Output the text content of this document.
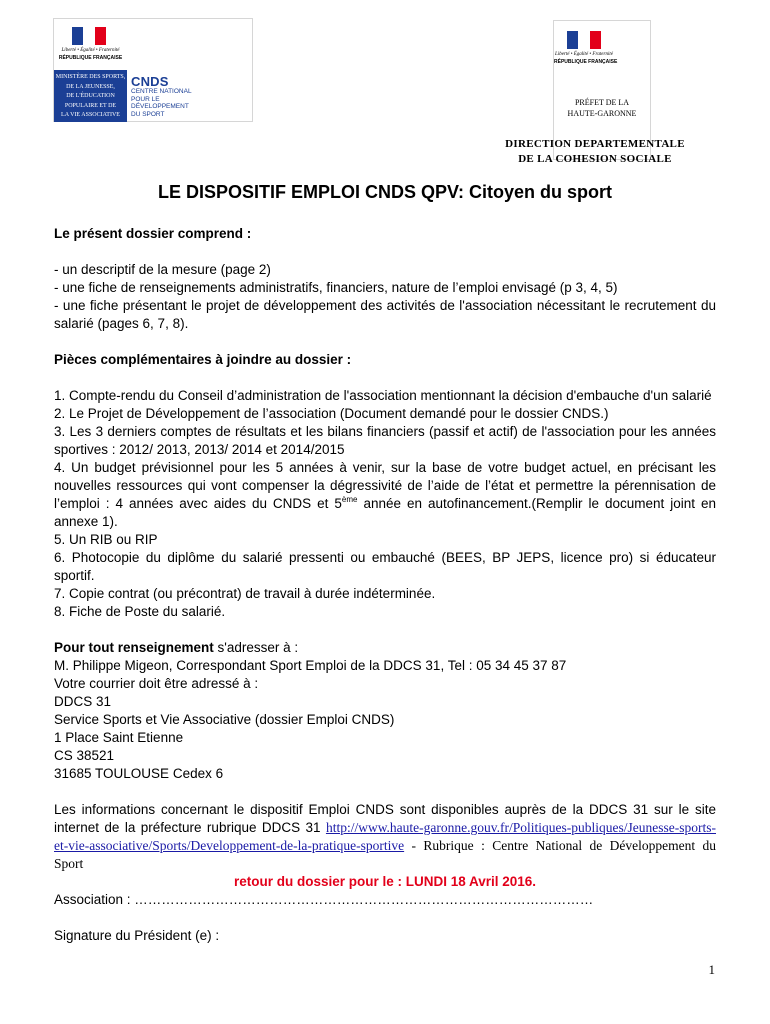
Liberté • Égalité • Fraternité
RÉPUBLIQUE FRANÇAISE
MINISTÈRE DES SPORTS,
DE LA JEUNESSE,
DE L'ÉDUCATION
POPULAIRE ET DE
LA VIE ASSOCIATIVE
CNDS
CENTRE NATIONAL
POUR LE
DÉVELOPPEMENT
DU SPORT
Liberté • Égalité • Fraternité
RÉPUBLIQUE FRANÇAISE
PRÉFET DE LA
HAUTE-GARONNE
DIRECTION DEPARTEMENTALE
DE LA COHESION SOCIALE
LE DISPOSITIF EMPLOI CNDS QPV: Citoyen du sport

Le présent dossier comprend :

- un descriptif de la mesure (page 2)

- une fiche de renseignements administratifs, financiers, nature de l’emploi envisagé (p 3, 4, 5)

- une fiche présentant le projet de développement des activités de l'association nécessitant le recrutement du salarié (pages 6, 7, 8).

Pièces complémentaires à joindre au dossier :

1. Compte-rendu du Conseil d’administration de l'association mentionnant la décision d'embauche d'un salarié

2. Le Projet de Développement de l’association (Document demandé pour le dossier CNDS.)

3. Les 3 derniers comptes de résultats et les bilans financiers (passif et actif) de l'association pour les années sportives : 2012/ 2013, 2013/ 2014 et 2014/2015

4. Un budget prévisionnel pour les 5 années à venir, sur la base de votre budget actuel, en précisant les nouvelles ressources qui vont compenser la dégressivité de l’aide de l’état et permettre la pérennisation de l’emploi : 4 années avec aides du CNDS et 5ème année en autofinancement.(Remplir le document joint en annexe 1).

5. Un RIB ou RIP

6. Photocopie du diplôme du salarié pressenti ou embauché (BEES, BP JEPS, licence pro) si éducateur sportif.

7. Copie contrat (ou précontrat) de travail à durée indéterminée.

8. Fiche de Poste du salarié.

Pour tout renseignement s'adresser à :

M. Philippe Migeon, Correspondant Sport Emploi de la DDCS 31, Tel : 05 34 45 37 87

Votre courrier doit être adressé à :

DDCS 31

Service Sports et Vie Associative (dossier Emploi CNDS)

1 Place Saint Etienne

CS 38521

31685 TOULOUSE Cedex 6

Les informations concernant le dispositif Emploi CNDS sont disponibles auprès de la DDCS 31 sur le site internet de la préfecture rubrique DDCS 31 http://www.haute-garonne.gouv.fr/Politiques-publiques/Jeunesse-sports-et-vie-associative/Sports/Developpement-de-la-pratique-sportive - Rubrique : Centre National de Développement du Sport

retour du dossier pour le : LUNDI 18 Avril 2016.

Association : …………………………………………………………………………………………

Signature du Président (e) :

1
